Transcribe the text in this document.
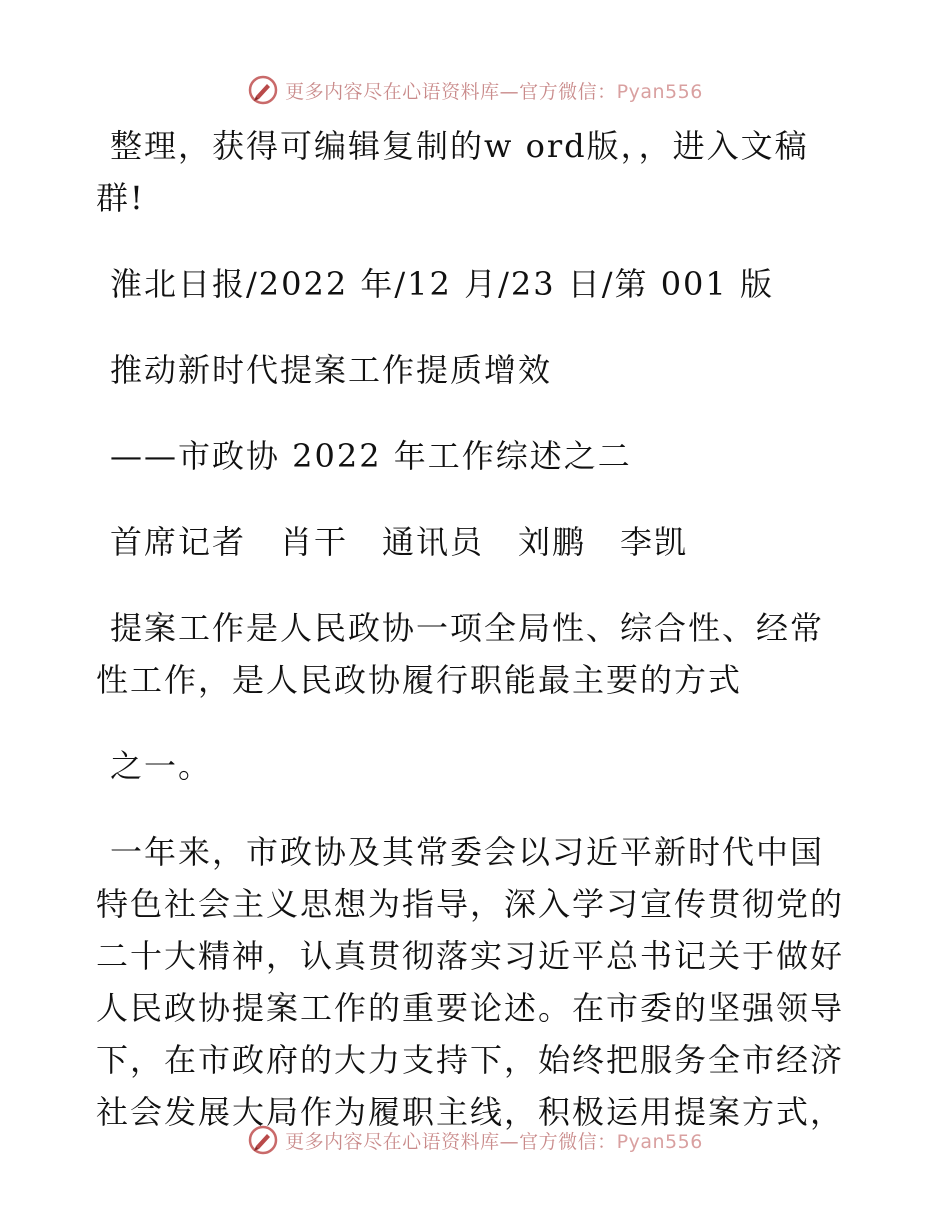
更多内容尽在心语资料库—官方微信：Pyan556
整理，获得可编辑复制的w ord版，，进入文稿
群!
淮北日报/2022 年/12 月/23 日/第 001 版
推动新时代提案工作提质增效
——市政协 2022 年工作综述之二
首席记者　肖干　通讯员　刘鹏　李凯
提案工作是人民政协一项全局性、综合性、经常
性工作，是人民政协履行职能最主要的方式
之一。
一年来，市政协及其常委会以习近平新时代中国
特色社会主义思想为指导，深入学习宣传贯彻党的
二十大精神，认真贯彻落实习近平总书记关于做好
人民政协提案工作的重要论述。在市委的坚强领导
下，在市政府的大力支持下，始终把服务全市经济
社会发展大局作为履职主线，积极运用提案方式，
更多内容尽在心语资料库—官方微信：Pyan556
